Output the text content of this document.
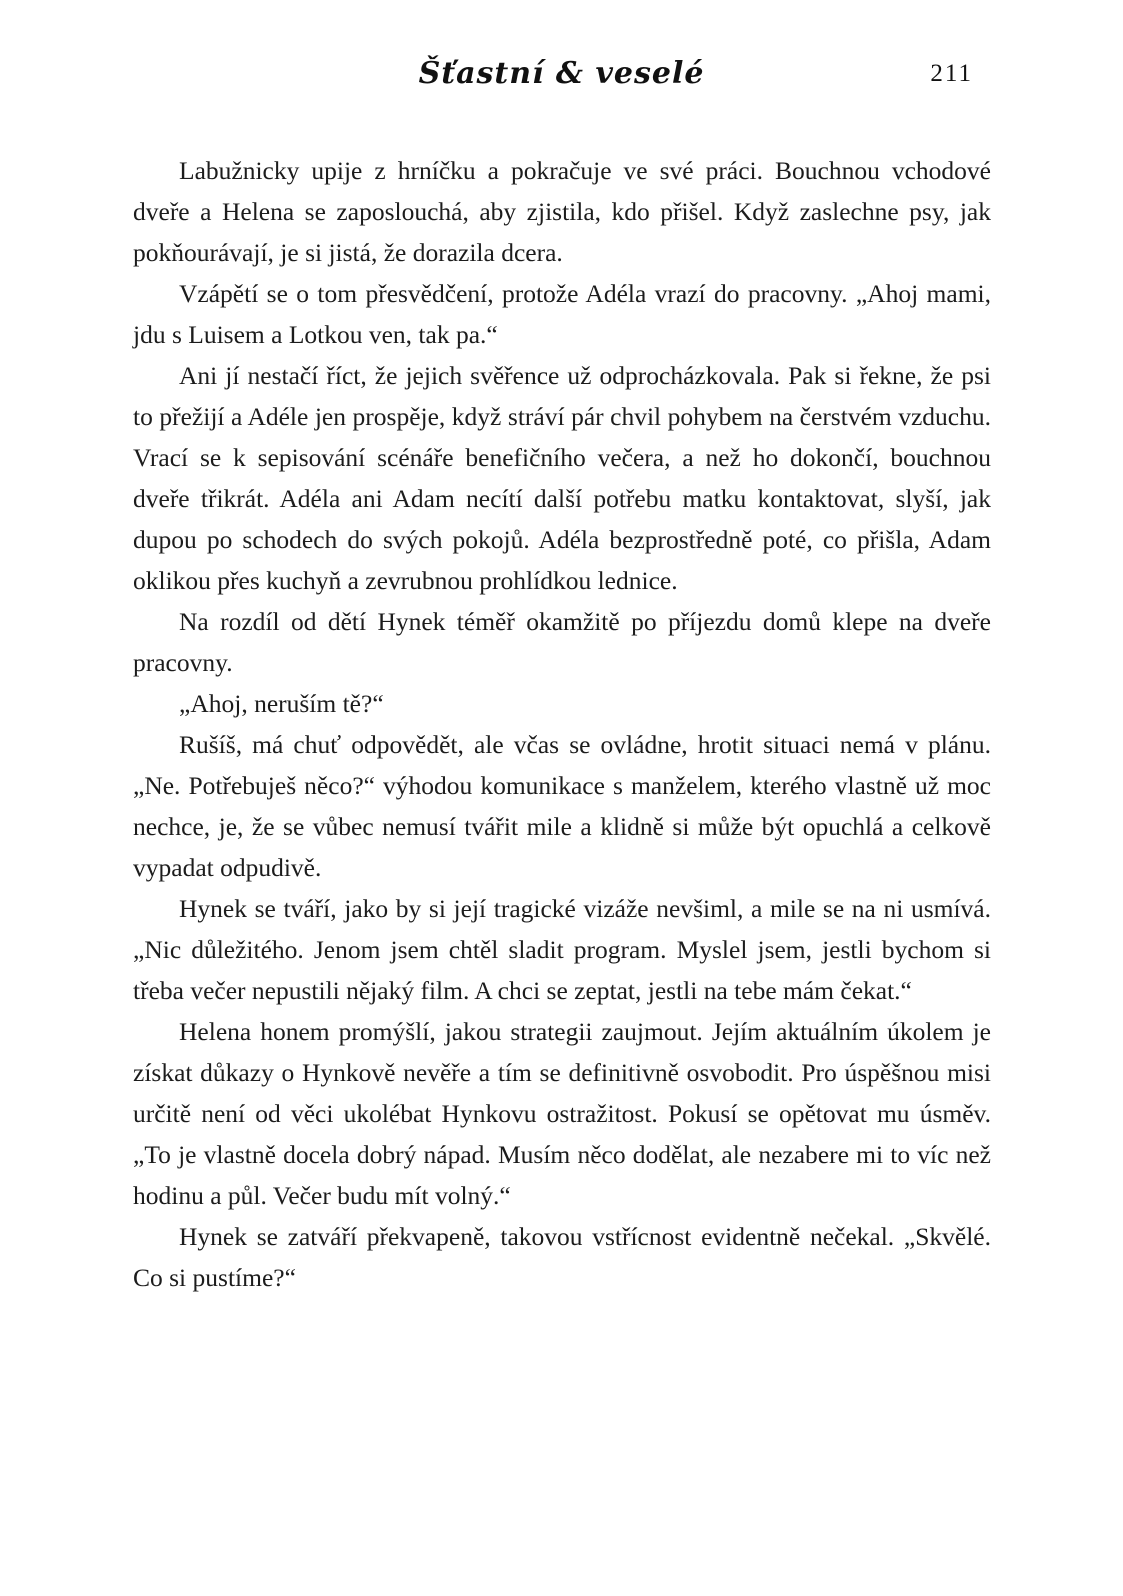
Šťastní & veselé	211

Labužnicky upije z hrníčku a pokračuje ve své práci. Bouchnou vchodové dveře a Helena se zaposlouchá, aby zjistila, kdo přišel. Když zaslechne psy, jak pokňourávají, je si jistá, že dorazila dcera.

Vzápětí se o tom přesvědčení, protože Adéla vrazí do pracovny. „Ahoj mami, jdu s Luisem a Lotkou ven, tak pa.“

Ani jí nestačí říct, že jejich svěřence už odprocházkovala. Pak si řekne, že psi to přežijí a Adéle jen prospěje, když stráví pár chvil pohybem na čerstvém vzduchu. Vrací se k sepisování scénáře benefičního večera, a než ho dokončí, bouchnou dveře třikrát. Adéla ani Adam necítí další potřebu matku kontaktovat, slyší, jak dupou po schodech do svých pokojů. Adéla bezprostředně poté, co přišla, Adam oklikou přes kuchyň a zevrubnou prohlídkou lednice.

Na rozdíl od dětí Hynek téměř okamžitě po příjezdu domů klepe na dveře pracovny.

„Ahoj, neruším tě?“

Rušíš, má chuť odpovědět, ale včas se ovládne, hrotit situaci nemá v plánu. „Ne. Potřebuješ něco?“ výhodou komunikace s manželem, kterého vlastně už moc nechce, je, že se vůbec nemusí tvářit mile a klidně si může být opuchlá a celkově vypadat odpudivě.

Hynek se tváří, jako by si její tragické vizáže nevšiml, a mile se na ni usmívá. „Nic důležitého. Jenom jsem chtěl sladit program. Myslel jsem, jestli bychom si třeba večer nepustili nějaký film. A chci se zeptat, jestli na tebe mám čekat.“

Helena honem promýšlí, jakou strategii zaujmout. Jejím aktuálním úkolem je získat důkazy o Hynkově nevěře a tím se definitivně osvobodit. Pro úspěšnou misi určitě není od věci ukolébat Hynkovu ostražitost. Pokusí se opětovat mu úsměv. „To je vlastně docela dobrý nápad. Musím něco dodělat, ale nezabere mi to víc než hodinu a půl. Večer budu mít volný.“

Hynek se zatváří překvapeně, takovou vstřícnost evidentně nečekal. „Skvělé. Co si pustíme?“
